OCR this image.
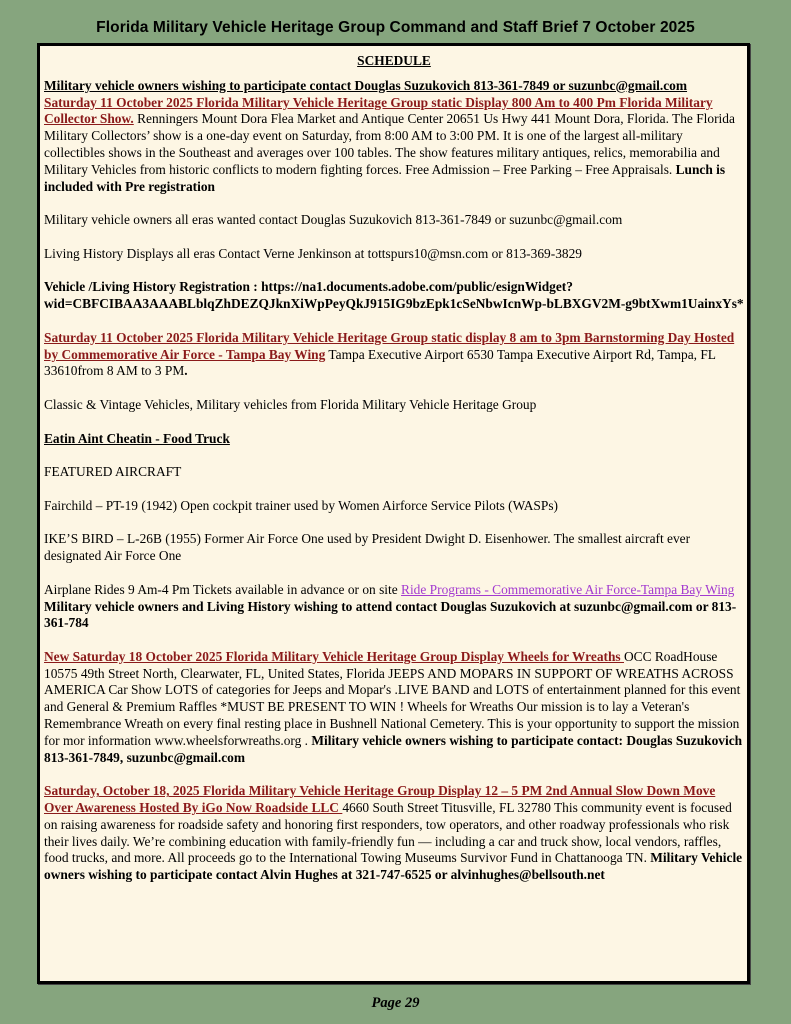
Florida Military Vehicle Heritage Group Command and Staff Brief 7 October 2025

SCHEDULE

Military vehicle owners wishing to participate contact Douglas Suzukovich 813-361-7849 or suzunbc@gmail.com

Saturday 11 October 2025 Florida Military Vehicle Heritage Group static Display 800 Am to 400 Pm Florida Military Collector Show. Renningers Mount Dora Flea Market and Antique Center 20651 Us Hwy 441 Mount Dora, Florida. The Florida Military Collectors’ show is a one-day event on Saturday, from 8:00 AM to 3:00 PM. It is one of the largest all-military collectibles shows in the Southeast and averages over 100 tables. The show features military antiques, relics, memorabilia and Military Vehicles from historic conflicts to modern fighting forces. Free Admission – Free Parking – Free Appraisals. Lunch is included with Pre registration

Military vehicle owners all eras wanted contact Douglas Suzukovich 813-361-7849 or suzunbc@gmail.com

Living History Displays all eras Contact Verne Jenkinson at tottspurs10@msn.com or 813-369-3829

Vehicle /Living History Registration : https://na1.documents.adobe.com/public/esignWidget?wid=CBFCIBAA3AAABLblqZhDEZQJknXiWpPeyQkJ915IG9bzEpk1cSeNbwIcnWp-bLBXGV2M-g9btXwm1UainxYs*

Saturday 11 October 2025 Florida Military Vehicle Heritage Group static display 8 am to 3pm Barnstorming Day Hosted by Commemorative Air Force - Tampa Bay Wing Tampa Executive Airport 6530 Tampa Executive Airport Rd, Tampa, FL 33610from 8 AM to 3 PM.

Classic & Vintage Vehicles, Military vehicles from Florida Military Vehicle Heritage Group

Eatin Aint Cheatin - Food Truck

FEATURED AIRCRAFT

Fairchild – PT-19 (1942) Open cockpit trainer used by Women Airforce Service Pilots (WASPs)

IKE’S BIRD – L-26B (1955) Former Air Force One used by President Dwight D. Eisenhower. The smallest aircraft ever designated Air Force One

Airplane Rides 9 Am-4 Pm Tickets available in advance or on site Ride Programs - Commemorative Air Force-Tampa Bay Wing Military vehicle owners and Living History wishing to attend contact Douglas Suzukovich at suzunbc@gmail.com or 813-361-784

New Saturday 18 October 2025 Florida Military Vehicle Heritage Group Display Wheels for Wreaths OCC RoadHouse 10575 49th Street North, Clearwater, FL, United States, Florida JEEPS AND MOPARS IN SUPPORT OF WREATHS ACROSS AMERICA Car Show LOTS of categories for Jeeps and Mopar's .LIVE BAND and LOTS of entertainment planned for this event and General & Premium Raffles *MUST BE PRESENT TO WIN ! Wheels for Wreaths Our mission is to lay a Veteran's Remembrance Wreath on every final resting place in Bushnell National Cemetery. This is your opportunity to support the mission for mor information www.wheelsforwreaths.org . Military vehicle owners wishing to participate contact: Douglas Suzukovich 813-361-7849, suzunbc@gmail.com

Saturday, October 18, 2025 Florida Military Vehicle Heritage Group Display 12 – 5 PM 2nd Annual Slow Down Move Over Awareness Hosted By iGo Now Roadside LLC 4660 South Street Titusville, FL 32780 This community event is focused on raising awareness for roadside safety and honoring first responders, tow operators, and other roadway professionals who risk their lives daily. We’re combining education with family-friendly fun — including a car and truck show, local vendors, raffles, food trucks, and more. All proceeds go to the International Towing Museums Survivor Fund in Chattanooga TN. Military Vehicle owners wishing to participate contact Alvin Hughes at 321-747-6525 or alvinhughes@bellsouth.net

Page 29
